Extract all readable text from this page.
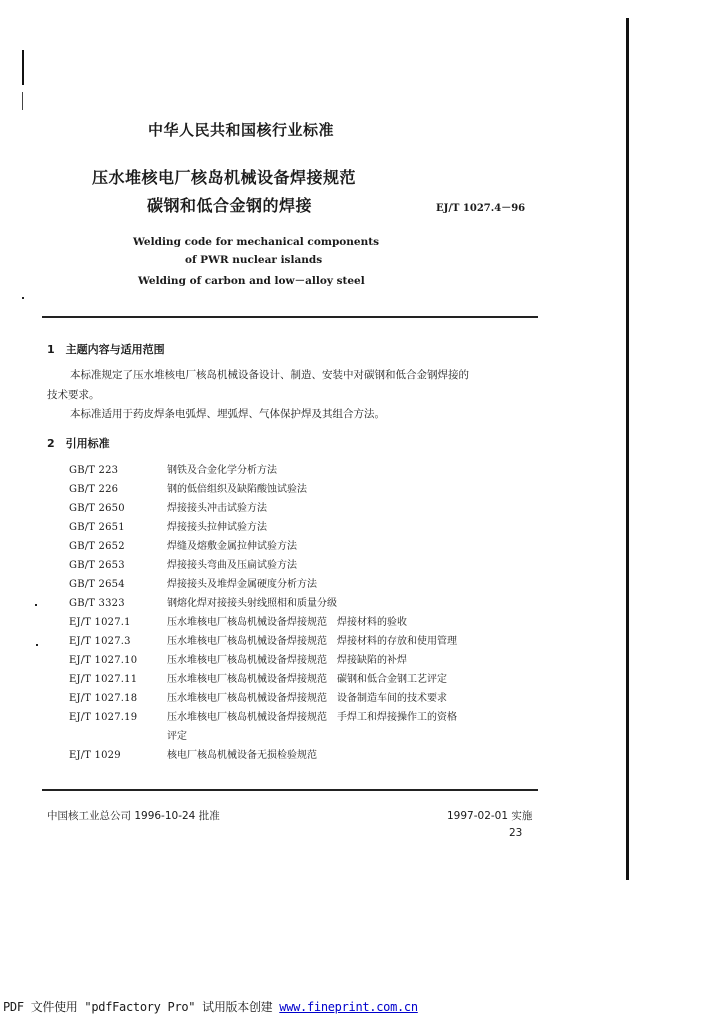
中华人民共和国核行业标准
压水堆核电厂核岛机械设备焊接规范
碳钢和低合金钢的焊接	EJ/T 1027.4－96
Welding code for mechanical components
of PWR nuclear islands
Welding of carbon and low－alloy steel
1　主题内容与适用范围
本标准规定了压水堆核电厂核岛机械设备设计、制造、安装中对碳钢和低合金钢焊接的
技术要求。
本标准适用于药皮焊条电弧焊、埋弧焊、气体保护焊及其组合方法。
2　引用标准
GB/T 223	钢铁及合金化学分析方法
GB/T 226	钢的低倍组织及缺陷酸蚀试验法
GB/T 2650	焊接接头冲击试验方法
GB/T 2651	焊接接头拉伸试验方法
GB/T 2652	焊缝及熔敷金属拉伸试验方法
GB/T 2653	焊接接头弯曲及压扁试验方法
GB/T 2654	焊接接头及堆焊金属硬度分析方法
GB/T 3323	钢熔化焊对接接头射线照相和质量分级
EJ/T 1027.1	压水堆核电厂核岛机械设备焊接规范　焊接材料的验收
EJ/T 1027.3	压水堆核电厂核岛机械设备焊接规范　焊接材料的存放和使用管理
EJ/T 1027.10	压水堆核电厂核岛机械设备焊接规范　焊接缺陷的补焊
EJ/T 1027.11	压水堆核电厂核岛机械设备焊接规范　碳钢和低合金钢工艺评定
EJ/T 1027.18	压水堆核电厂核岛机械设备焊接规范　设备制造车间的技术要求
EJ/T 1027.19	压水堆核电厂核岛机械设备焊接规范　手焊工和焊接操作工的资格
评定
EJ/T 1029	核电厂核岛机械设备无损检验规范
中国核工业总公司 1996-10-24 批准	1997-02-01 实施
23
PDF 文件使用 "pdfFactory Pro" 试用版本创建 www.fineprint.com.cn
